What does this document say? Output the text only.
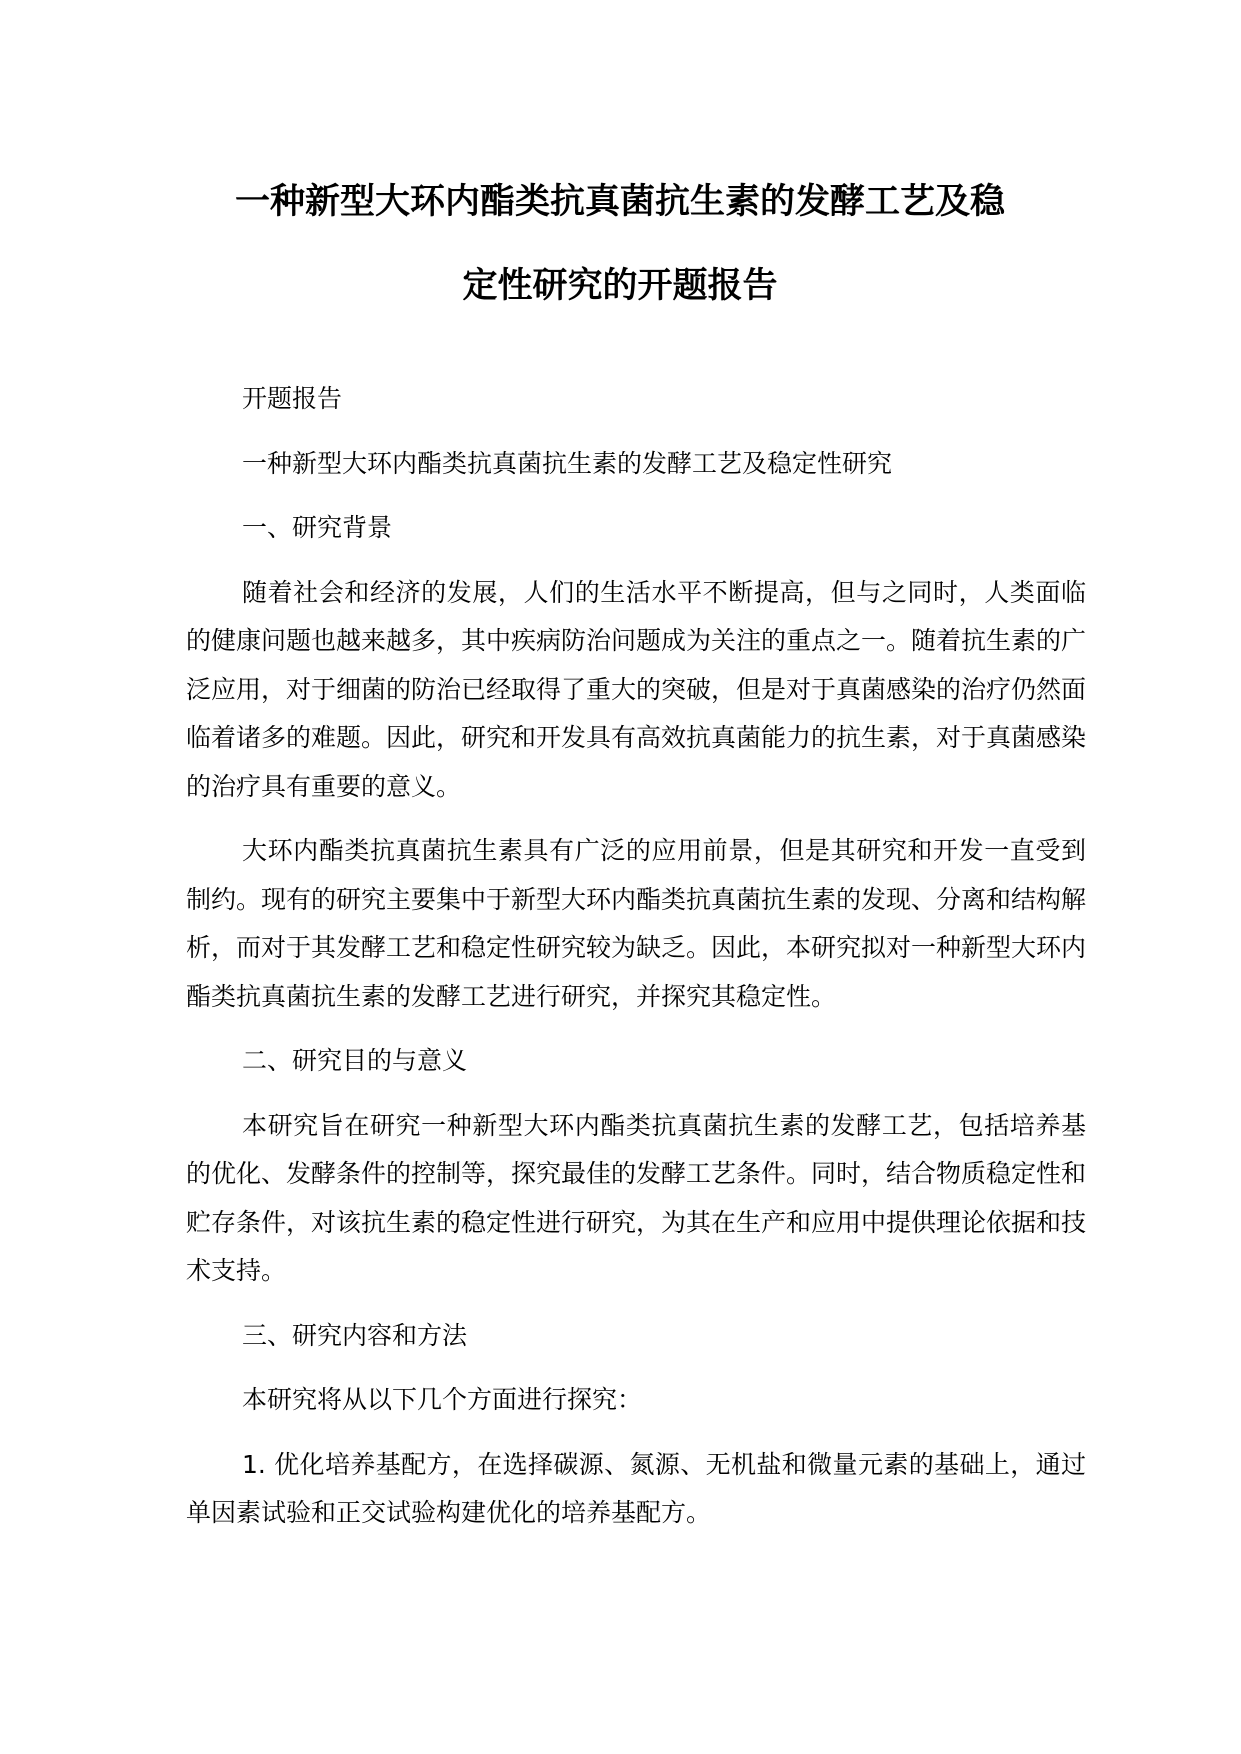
一种新型大环内酯类抗真菌抗生素的发酵工艺及稳
定性研究的开题报告

开题报告

一种新型大环内酯类抗真菌抗生素的发酵工艺及稳定性研究

一、研究背景

随着社会和经济的发展，人们的生活水平不断提高，但与之同时，人类面临的健康问题也越来越多，其中疾病防治问题成为关注的重点之一。随着抗生素的广泛应用，对于细菌的防治已经取得了重大的突破，但是对于真菌感染的治疗仍然面临着诸多的难题。因此，研究和开发具有高效抗真菌能力的抗生素，对于真菌感染的治疗具有重要的意义。

大环内酯类抗真菌抗生素具有广泛的应用前景，但是其研究和开发一直受到制约。现有的研究主要集中于新型大环内酯类抗真菌抗生素的发现、分离和结构解析，而对于其发酵工艺和稳定性研究较为缺乏。因此，本研究拟对一种新型大环内酯类抗真菌抗生素的发酵工艺进行研究，并探究其稳定性。

二、研究目的与意义

本研究旨在研究一种新型大环内酯类抗真菌抗生素的发酵工艺，包括培养基的优化、发酵条件的控制等，探究最佳的发酵工艺条件。同时，结合物质稳定性和贮存条件，对该抗生素的稳定性进行研究，为其在生产和应用中提供理论依据和技术支持。

三、研究内容和方法

本研究将从以下几个方面进行探究：

1. 优化培养基配方，在选择碳源、氮源、无机盐和微量元素的基础上，通过单因素试验和正交试验构建优化的培养基配方。
